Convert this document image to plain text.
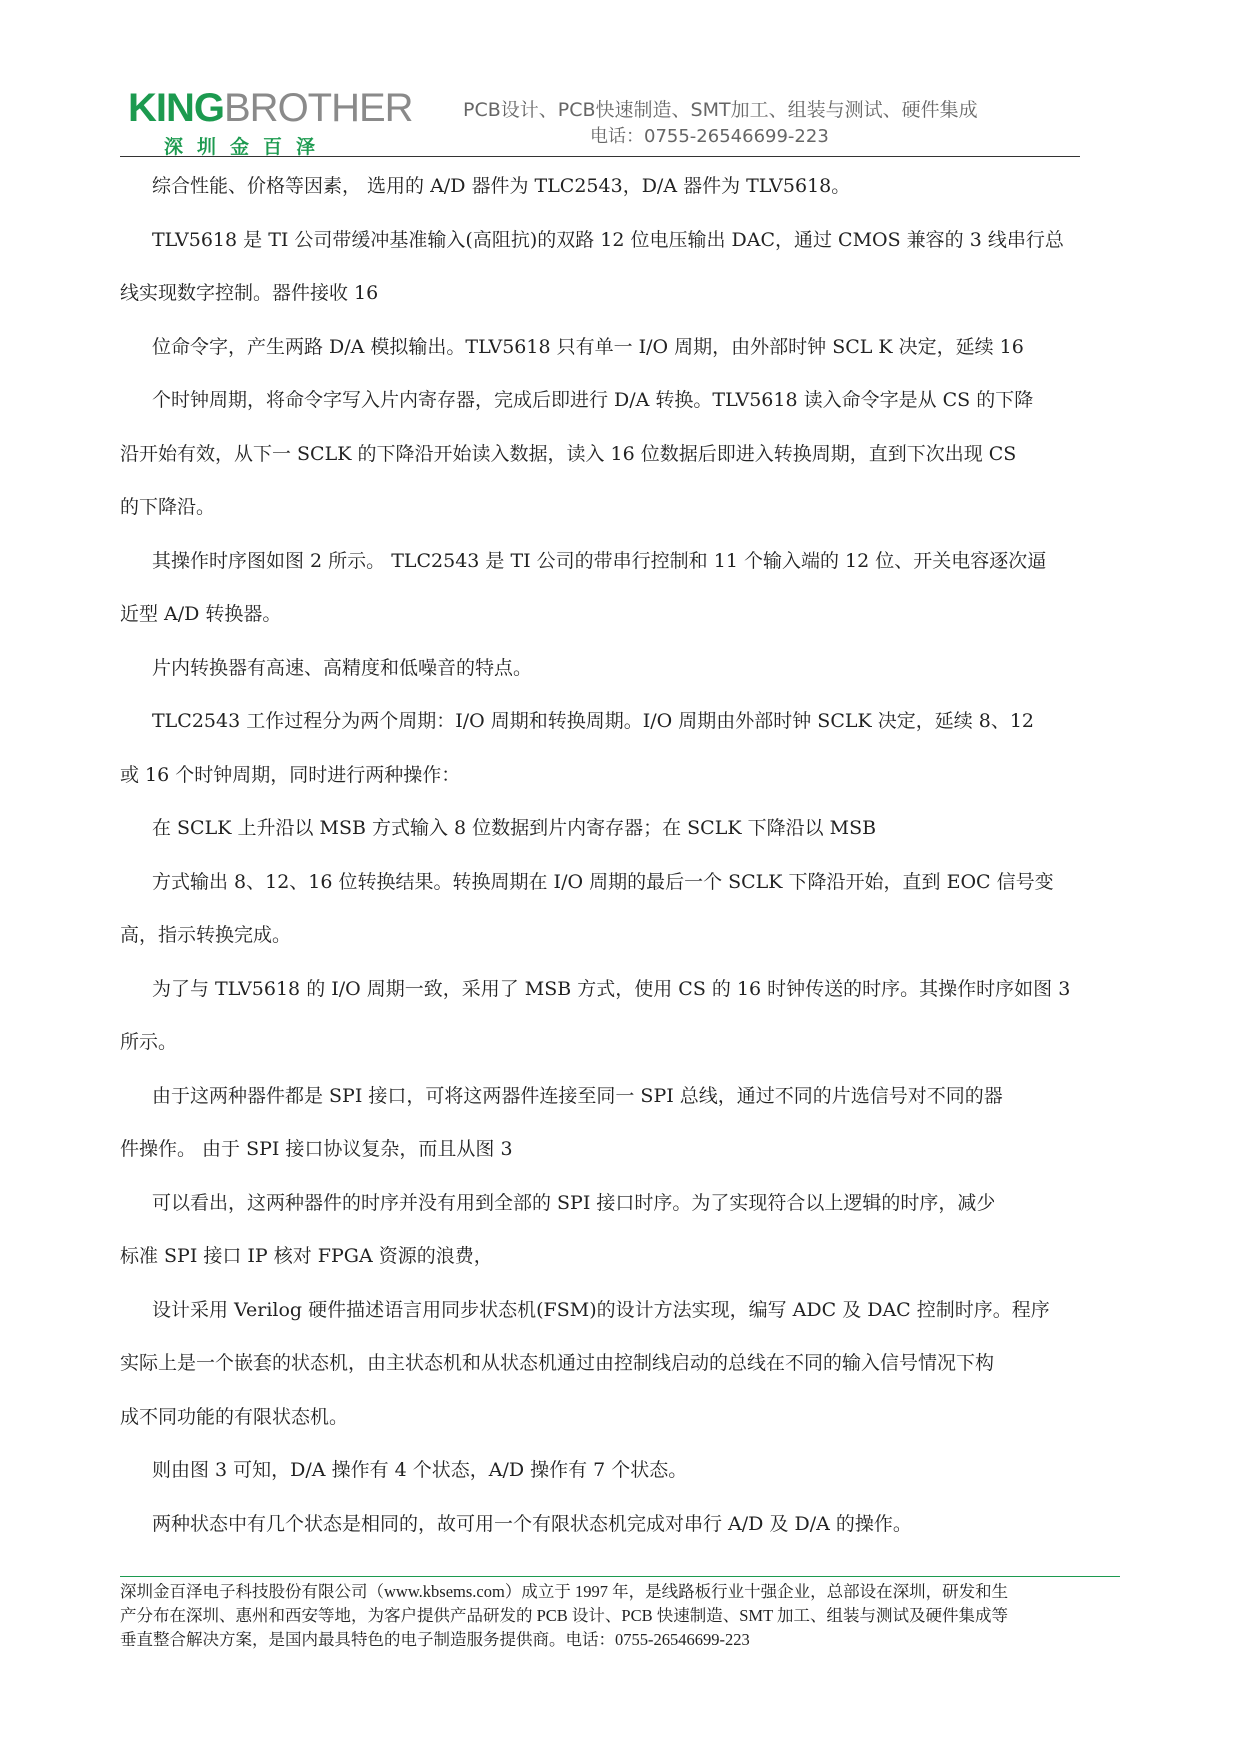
KINGBROTHER
深圳金百泽
PCB设计、PCB快速制造、SMT加工、组装与测试、硬件集成
电话：0755-26546699-223

综合性能、价格等因素， 选用的 A/D 器件为 TLC2543，D/A 器件为 TLV5618。

TLV5618 是 TI 公司带缓冲基准输入(高阻抗)的双路 12 位电压输出 DAC，通过 CMOS 兼容的 3 线串行总

线实现数字控制。器件接收 16

位命令字，产生两路 D/A 模拟输出。TLV5618 只有单一 I/O 周期，由外部时钟 SCL K 决定，延续 16

个时钟周期，将命令字写入片内寄存器，完成后即进行 D/A 转换。TLV5618 读入命令字是从 CS 的下降

沿开始有效，从下一 SCLK 的下降沿开始读入数据，读入 16 位数据后即进入转换周期，直到下次出现 CS

的下降沿。

其操作时序图如图 2 所示。 TLC2543 是 TI 公司的带串行控制和 11 个输入端的 12 位、开关电容逐次逼

近型 A/D 转换器。

片内转换器有高速、高精度和低噪音的特点。

TLC2543 工作过程分为两个周期：I/O 周期和转换周期。I/O 周期由外部时钟 SCLK 决定，延续 8、12

或 16 个时钟周期，同时进行两种操作：

在 SCLK 上升沿以 MSB 方式输入 8 位数据到片内寄存器；在 SCLK 下降沿以 MSB

方式输出 8、12、16 位转换结果。转换周期在 I/O 周期的最后一个 SCLK 下降沿开始，直到 EOC 信号变

高，指示转换完成。

为了与 TLV5618 的 I/O 周期一致，采用了 MSB 方式，使用 CS 的 16 时钟传送的时序。其操作时序如图 3

所示。

由于这两种器件都是 SPI 接口，可将这两器件连接至同一 SPI 总线，通过不同的片选信号对不同的器

件操作。 由于 SPI 接口协议复杂，而且从图 3

可以看出，这两种器件的时序并没有用到全部的 SPI 接口时序。为了实现符合以上逻辑的时序，减少

标准 SPI 接口 IP 核对 FPGA 资源的浪费，

设计采用 Verilog 硬件描述语言用同步状态机(FSM)的设计方法实现，编写 ADC 及 DAC 控制时序。程序

实际上是一个嵌套的状态机，由主状态机和从状态机通过由控制线启动的总线在不同的输入信号情况下构

成不同功能的有限状态机。

则由图 3 可知，D/A 操作有 4 个状态，A/D 操作有 7 个状态。

两种状态中有几个状态是相同的，故可用一个有限状态机完成对串行 A/D 及 D/A 的操作。

深圳金百泽电子科技股份有限公司（www.kbsems.com）成立于 1997 年，是线路板行业十强企业，总部设在深圳，研发和生
产分布在深圳、惠州和西安等地，为客户提供产品研发的 PCB 设计、PCB 快速制造、SMT 加工、组装与测试及硬件集成等
垂直整合解决方案，是国内最具特色的电子制造服务提供商。电话：0755-26546699-223
